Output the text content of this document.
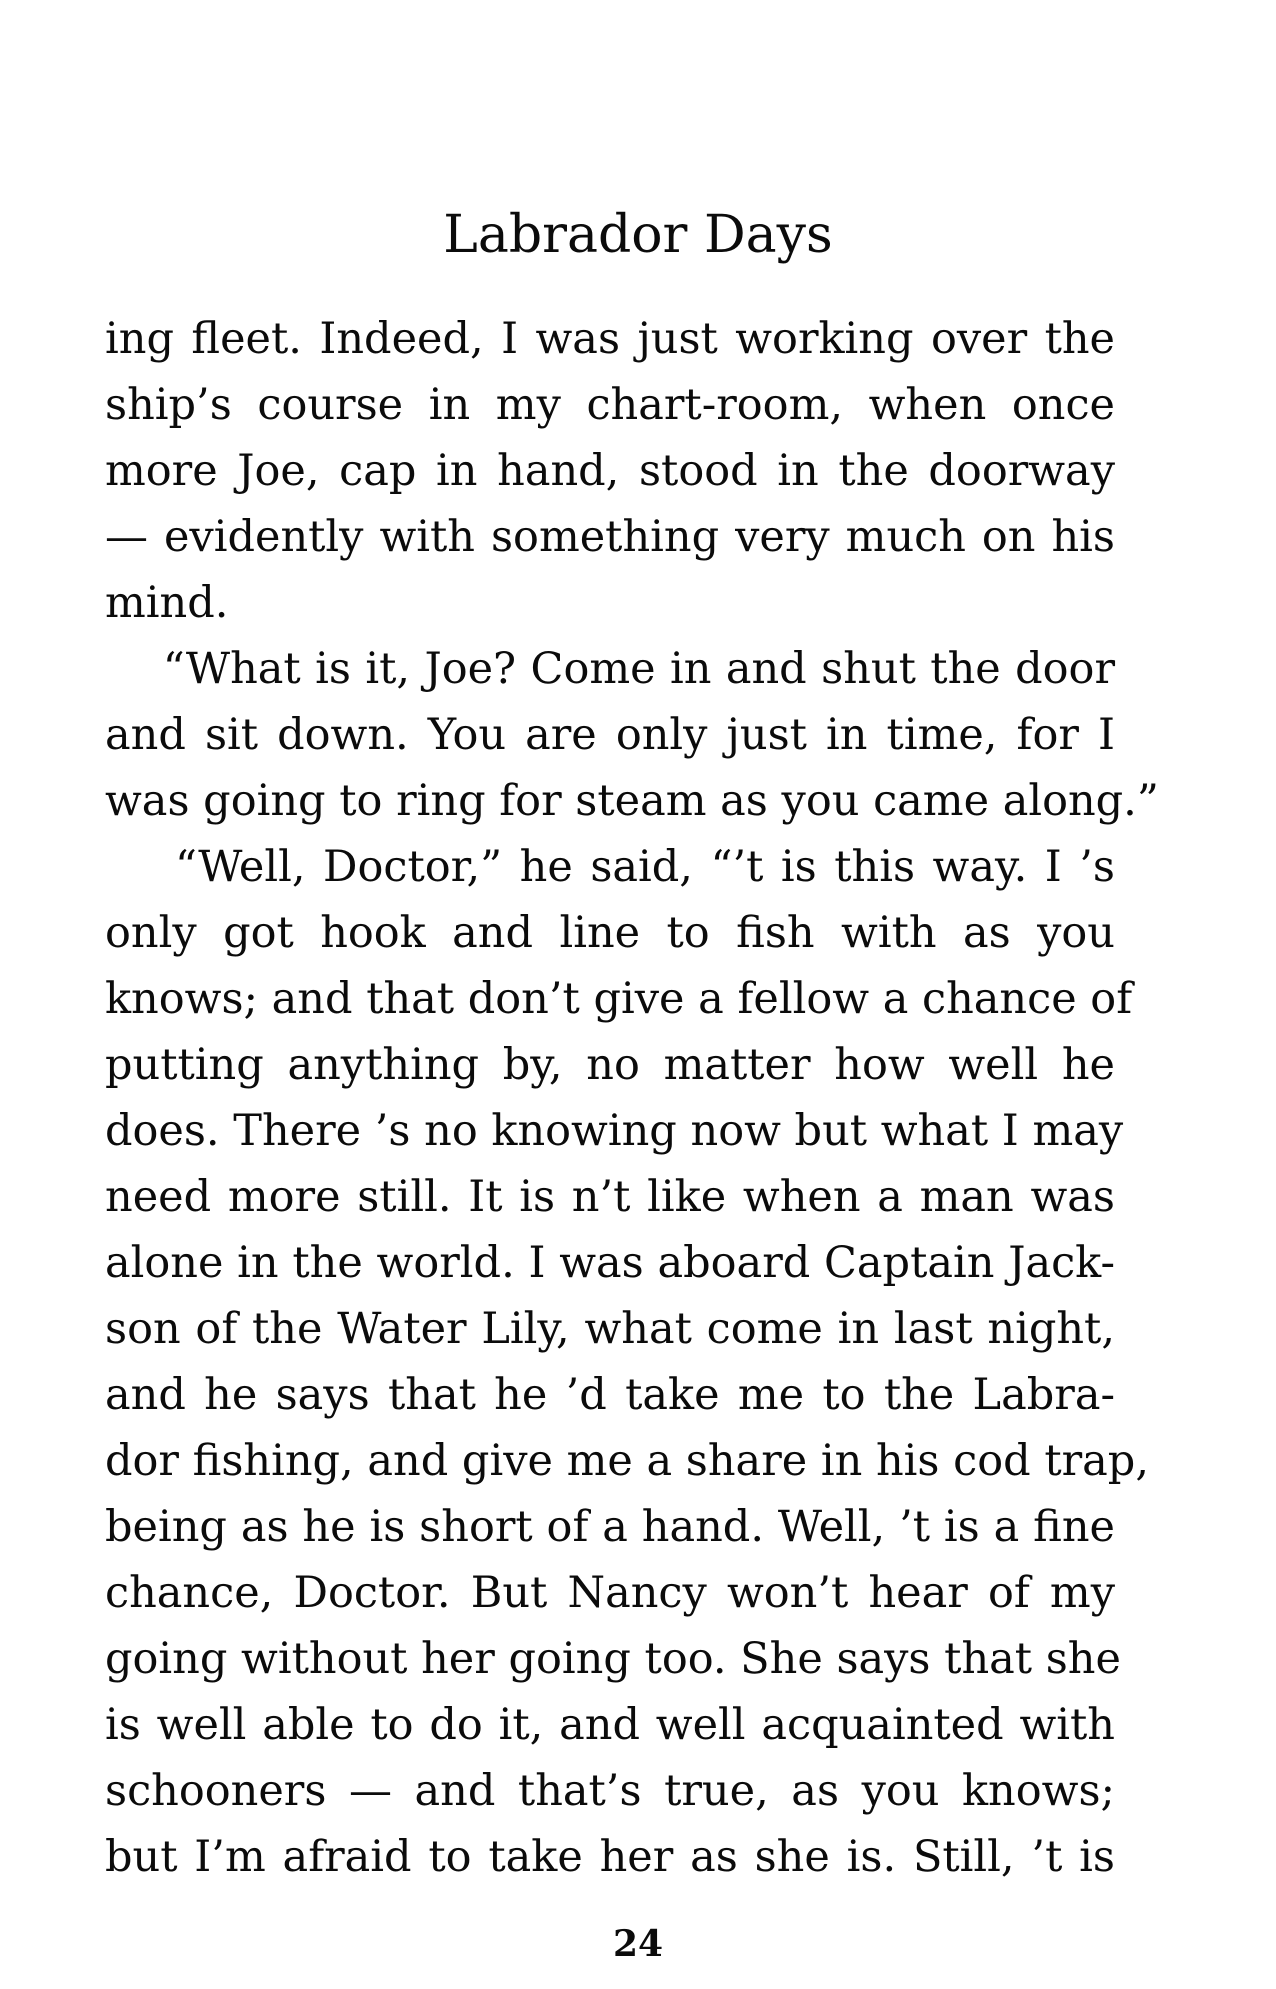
Labrador Days
ing fleet. Indeed, I was just working over the
ship’s course in my chart-room, when once
more Joe, cap in hand, stood in the doorway
— evidently with something very much on his
mind.
“What is it, Joe? Come in and shut the door
and sit down. You are only just in time, for I
was going to ring for steam as you came along.”
“Well, Doctor,” he said, “’t is this way. I ’s
only got hook and line to fish with as you
knows; and that don’t give a fellow a chance of
putting anything by, no matter how well he
does. There ’s no knowing now but what I may
need more still. It is n’t like when a man was
alone in the world. I was aboard Captain Jack-
son of the Water Lily, what come in last night,
and he says that he ’d take me to the Labra-
dor fishing, and give me a share in his cod trap,
being as he is short of a hand. Well, ’t is a fine
chance, Doctor. But Nancy won’t hear of my
going without her going too. She says that she
is well able to do it, and well acquainted with
schooners — and that’s true, as you knows;
but I’m afraid to take her as she is. Still, ’t is
24
